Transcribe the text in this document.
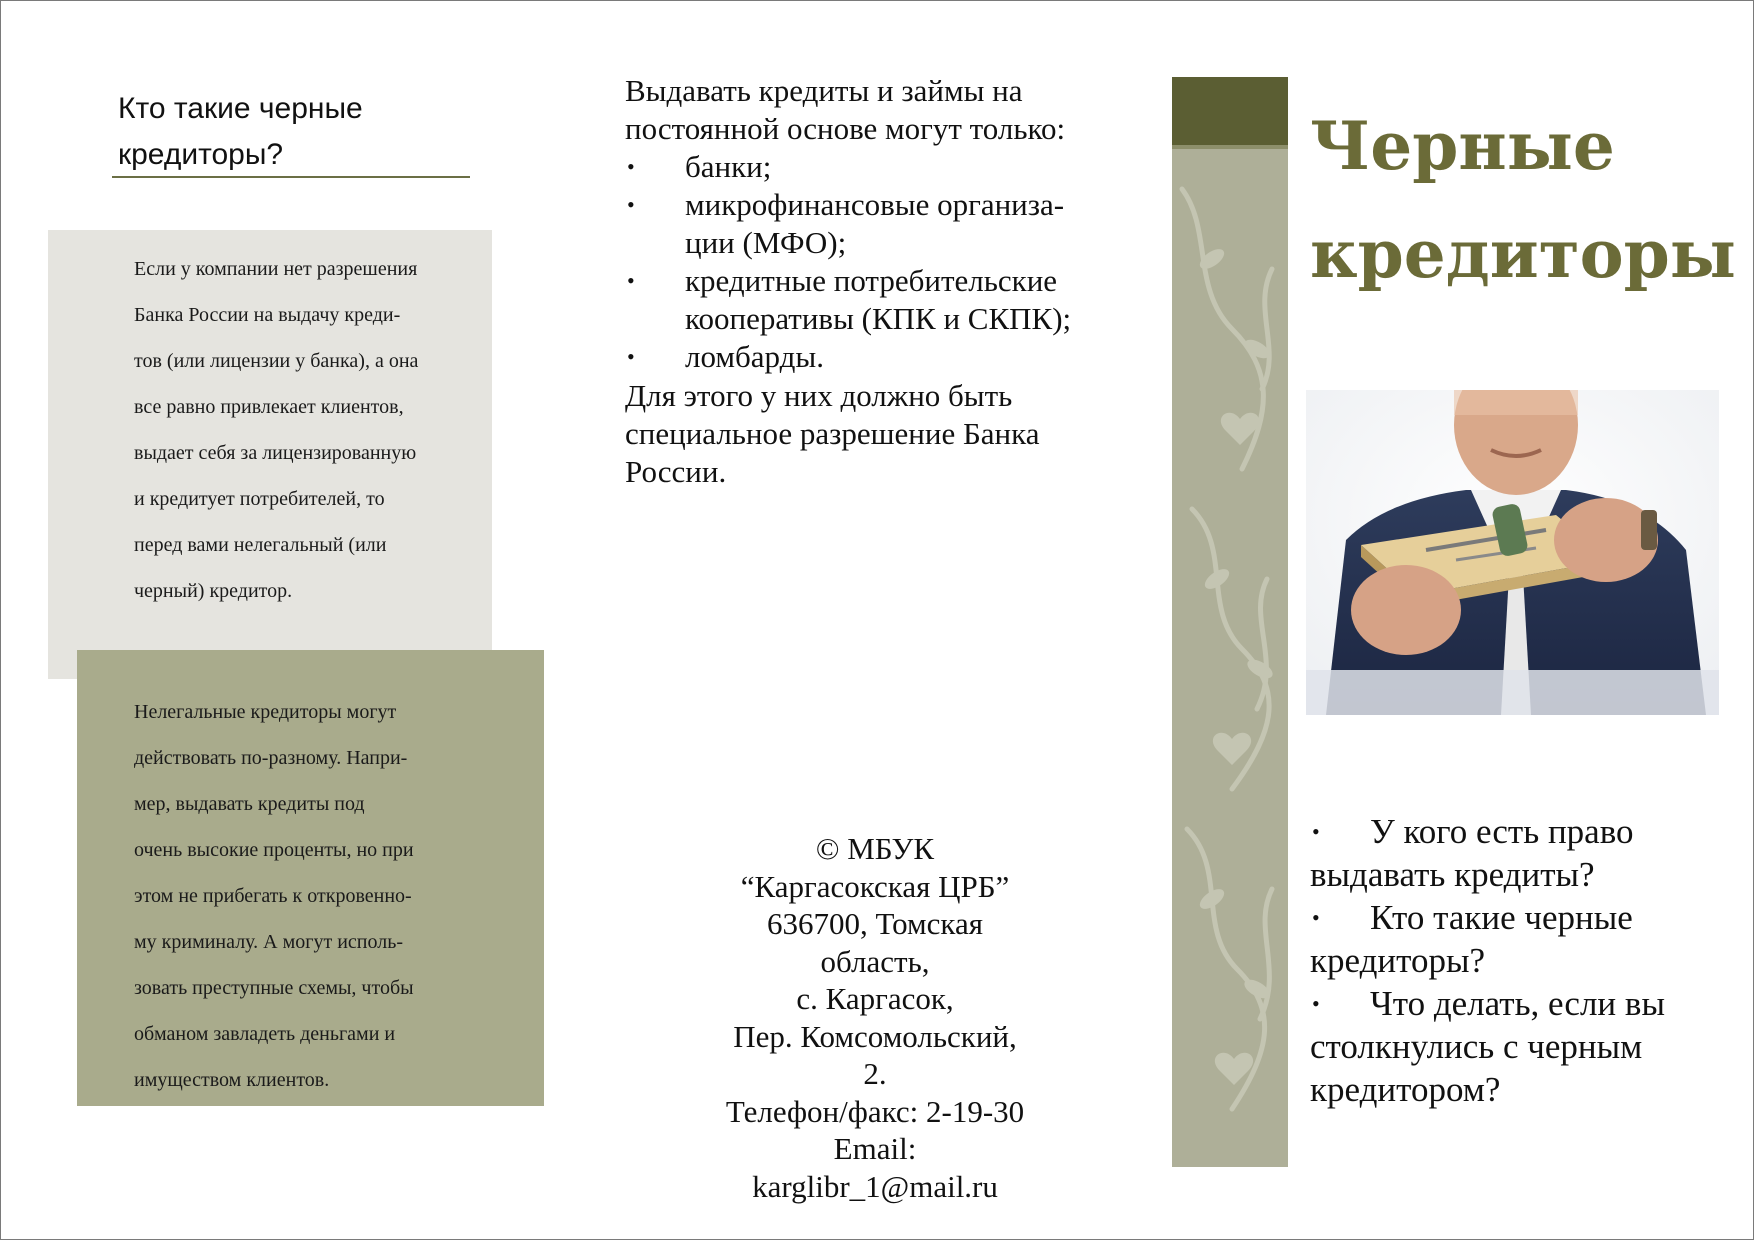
Кто такие черные
кредиторы?
Если у компании нет разрешения
Банка России на выдачу креди-
тов (или лицензии у банка), а она
все равно привлекает клиентов,
выдает себя за лицензированную
и кредитует потребителей, то
перед вами нелегальный (или
черный) кредитор.
Нелегальные кредиторы могут
действовать по-разному. Напри-
мер, выдавать кредиты под
очень высокие проценты, но при
этом не прибегать к откровенно-
му криминалу. А могут исполь-
зовать преступные схемы, чтобы
обманом завладеть деньгами и
имуществом клиентов.
Выдавать кредиты и займы на
постоянной основе могут только:
• банки;
• микрофинансовые организа-
ции (МФО);
• кредитные потребительские
кооперативы (КПК и СКПК);
• ломбарды.
Для этого у них должно быть
специальное разрешение Банка
России.
© МБУК
“Каргасокская ЦРБ”
636700, Томская
область,
с. Каргасок,
Пер. Комсомольский,
2.
Телефон/факс: 2-19-30
Email:
karglibr_1@mail.ru
Черные
кредиторы
• У кого есть право
выдавать кредиты?
• Кто такие черные
кредиторы?
• Что делать, если вы
столкнулись с черным
кредитором?
